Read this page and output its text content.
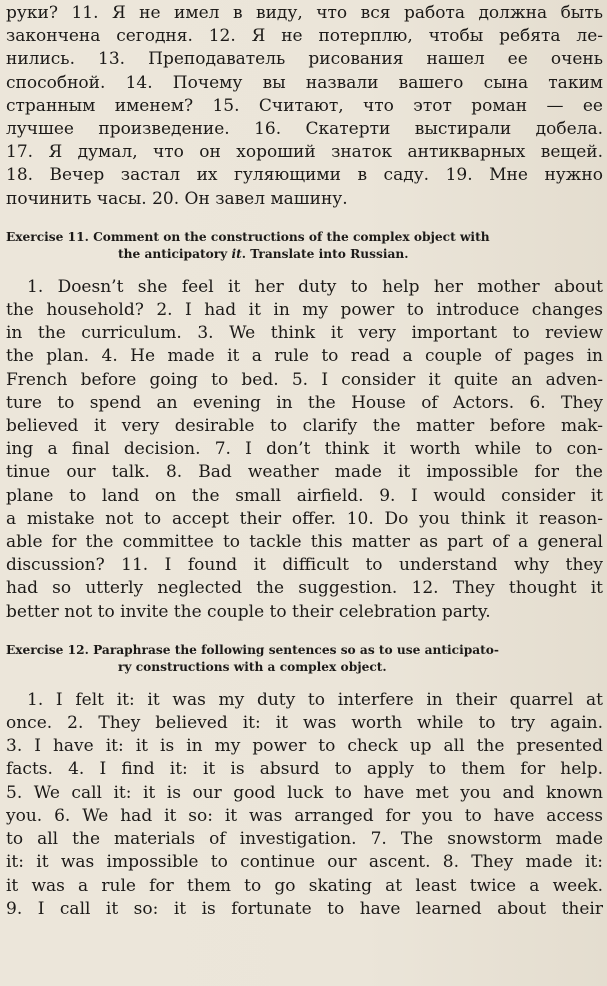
руки? 11. Я не имел в виду, что вся работа должна быть
закончена сегодня. 12. Я не потерплю, чтобы ребята ле-
нились. 13. Преподаватель рисования нашел ее очень
способной. 14. Почему вы назвали вашего сына таким
странным именем? 15. Считают, что этот роман — ее
лучшее произведение. 16. Скатерти выстирали добела.
17. Я думал, что он хороший знаток антикварных вещей.
18. Вечер застал их гуляющими в саду. 19. Мне нужно
починить часы. 20. Он завел машину.
Exercise 11. Comment on the constructions of the complex object with
the anticipatory it. Translate into Russian.
1. Doesn’t she feel it her duty to help her mother about
the household? 2. I had it in my power to introduce changes
in the curriculum. 3. We think it very important to review
the plan. 4. He made it a rule to read a couple of pages in
French before going to bed. 5. I consider it quite an adven-
ture to spend an evening in the House of Actors. 6. They
believed it very desirable to clarify the matter before mak-
ing a final decision. 7. I don’t think it worth while to con-
tinue our talk. 8. Bad weather made it impossible for the
plane to land on the small airfield. 9. I would consider it
a mistake not to accept their offer. 10. Do you think it reason-
able for the committee to tackle this matter as part of a general
discussion? 11. I found it difficult to understand why they
had so utterly neglected the suggestion. 12. They thought it
better not to invite the couple to their celebration party.
Exercise 12. Paraphrase the following sentences so as to use anticipato-
ry constructions with a complex object.
1. I felt it: it was my duty to interfere in their quarrel at
once. 2. They believed it: it was worth while to try again.
3. I have it: it is in my power to check up all the presented
facts. 4. I find it: it is absurd to apply to them for help.
5. We call it: it is our good luck to have met you and known
you. 6. We had it so: it was arranged for you to have access
to all the materials of investigation. 7. The snowstorm made
it: it was impossible to continue our ascent. 8. They made it:
it was a rule for them to go skating at least twice a week.
9. I call it so: it is fortunate to have learned about their
